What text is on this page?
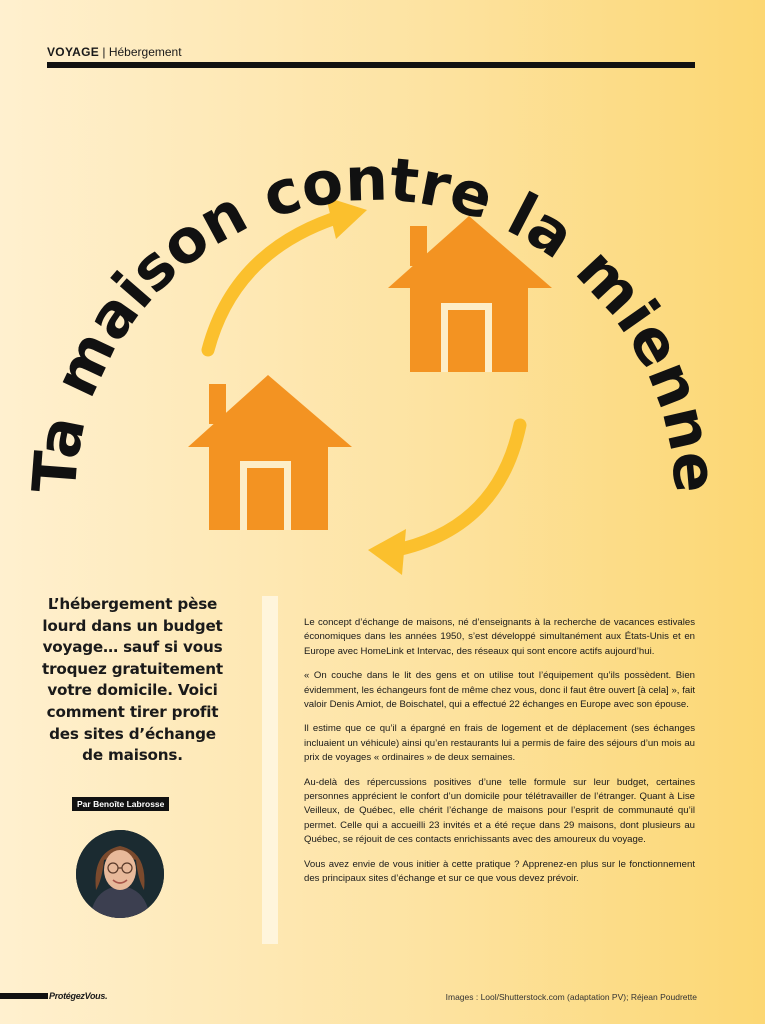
VOYAGE | Hébergement
Ta maison contre la mienne
L’hébergement pèse lourd dans un budget voyage… sauf si vous troquez gratuitement votre domicile. Voici comment tirer profit des sites d’échange de maisons.
Par Benoîte Labrosse

Le concept d’échange de maisons, né d’enseignants à la recherche de vacances estivales économiques dans les années 1950, s’est développé simultanément aux États-Unis et en Europe avec HomeLink et Intervac, des réseaux qui sont encore actifs aujourd’hui.

« On couche dans le lit des gens et on utilise tout l’équipement qu’ils possèdent. Bien évidemment, les échangeurs font de même chez vous, donc il faut être ouvert [à cela] », fait valoir Denis Amiot, de Boischatel, qui a effectué 22 échanges en Europe avec son épouse.

Il estime que ce qu’il a épargné en frais de logement et de déplacement (ses échanges incluaient un véhicule) ainsi qu’en restaurants lui a permis de faire des séjours d’un mois au prix de voyages « ordinaires » de deux semaines.

Au-delà des répercussions positives d’une telle formule sur leur budget, certaines personnes apprécient le confort d’un domicile pour télétravailler de l’étranger. Quant à Lise Veilleux, de Québec, elle chérit l’échange de maisons pour l’esprit de communauté qu’il permet. Celle qui a accueilli 23 invités et a été reçue dans 29 maisons, dont plusieurs au Québec, se réjouit de ces contacts enrichissants avec des amoureux du voyage.

Vous avez envie de vous initier à cette pratique ? Apprenez-en plus sur le fonctionnement des principaux sites d’échange et sur ce que vous devez prévoir.

ProtégezVous.	Images : Lool/Shutterstock.com (adaptation PV); Réjean Poudrette
